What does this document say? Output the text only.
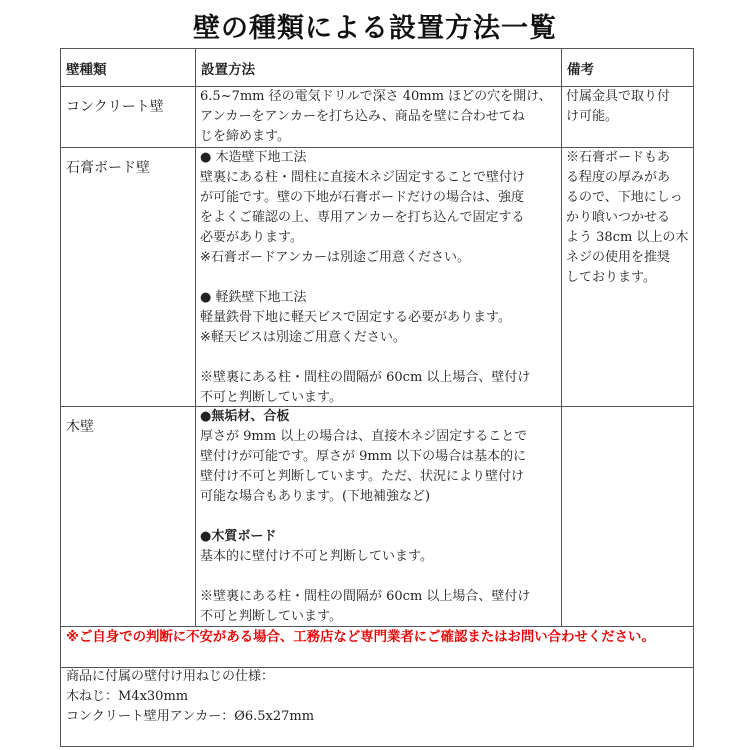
壁の種類による設置方法一覧
壁種類	設置方法	備考
コンクリート壁
6.5~7mm 径の電気ドリルで深さ 40mm ほどの穴を開け、
アンカーをアンカーを打ち込み、商品を壁に合わせてね
じを締めます。
付属金具で取り付
け可能。
石膏ボード壁
● 木造壁下地工法
壁裏にある柱・間柱に直接木ネジ固定することで壁付け
が可能です。壁の下地が石膏ボードだけの場合は、強度
をよくご確認の上、専用アンカーを打ち込んで固定する
必要があります。
※石膏ボードアンカーは別途ご用意ください。
● 軽鉄壁下地工法
軽量鉄骨下地に軽天ビスで固定する必要があります。
※軽天ビスは別途ご用意ください。
※壁裏にある柱・間柱の間隔が 60cm 以上場合、壁付け
不可と判断しています。
※石膏ボードもあ
る程度の厚みがあ
るので、下地にしっ
かり喰いつかせる
よう 38cm 以上の木
ネジの使用を推奨
しております。
木壁
●無垢材、合板
厚さが 9mm 以上の場合は、直接木ネジ固定することで
壁付けが可能です。厚さが 9mm 以下の場合は基本的に
壁付け不可と判断しています。ただ、状況により壁付け
可能な場合もあります。(下地補強など)
●木質ボード
基本的に壁付け不可と判断しています。
※壁裏にある柱・間柱の間隔が 60cm 以上場合、壁付け
不可と判断しています。
※ご自身での判断に不安がある場合、工務店など専門業者にご確認またはお問い合わせください。
商品に付属の壁付け用ねじの仕様：
木ねじ：M4x30mm
コンクリート壁用アンカー：Ø6.5x27mm
